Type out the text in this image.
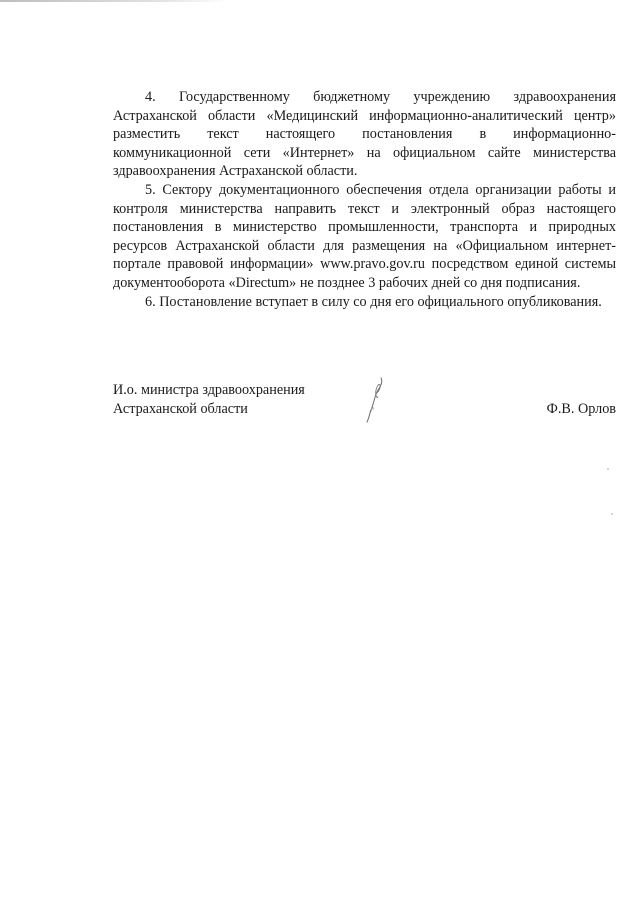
4. Государственному бюджетному учреждению здравоохранения Астраханской области «Медицинский информационно-аналитический центр» разместить текст настоящего постановления в информационно-коммуникационной сети «Интернет» на официальном сайте министерства здравоохранения Астраханской области.

5. Сектору документационного обеспечения отдела организации работы и контроля министерства направить текст и электронный образ настоящего постановления в министерство промышленности, транспорта и природных ресурсов Астраханской области для размещения на «Официальном интернет-портале правовой информации» www.pravo.gov.ru посредством единой системы документооборота «Directum» не позднее 3 рабочих дней со дня подписания.

6. Постановление вступает в силу со дня его официального опубликования.

И.о. министра здравоохранения
Астраханской области	Ф.В. Орлов
